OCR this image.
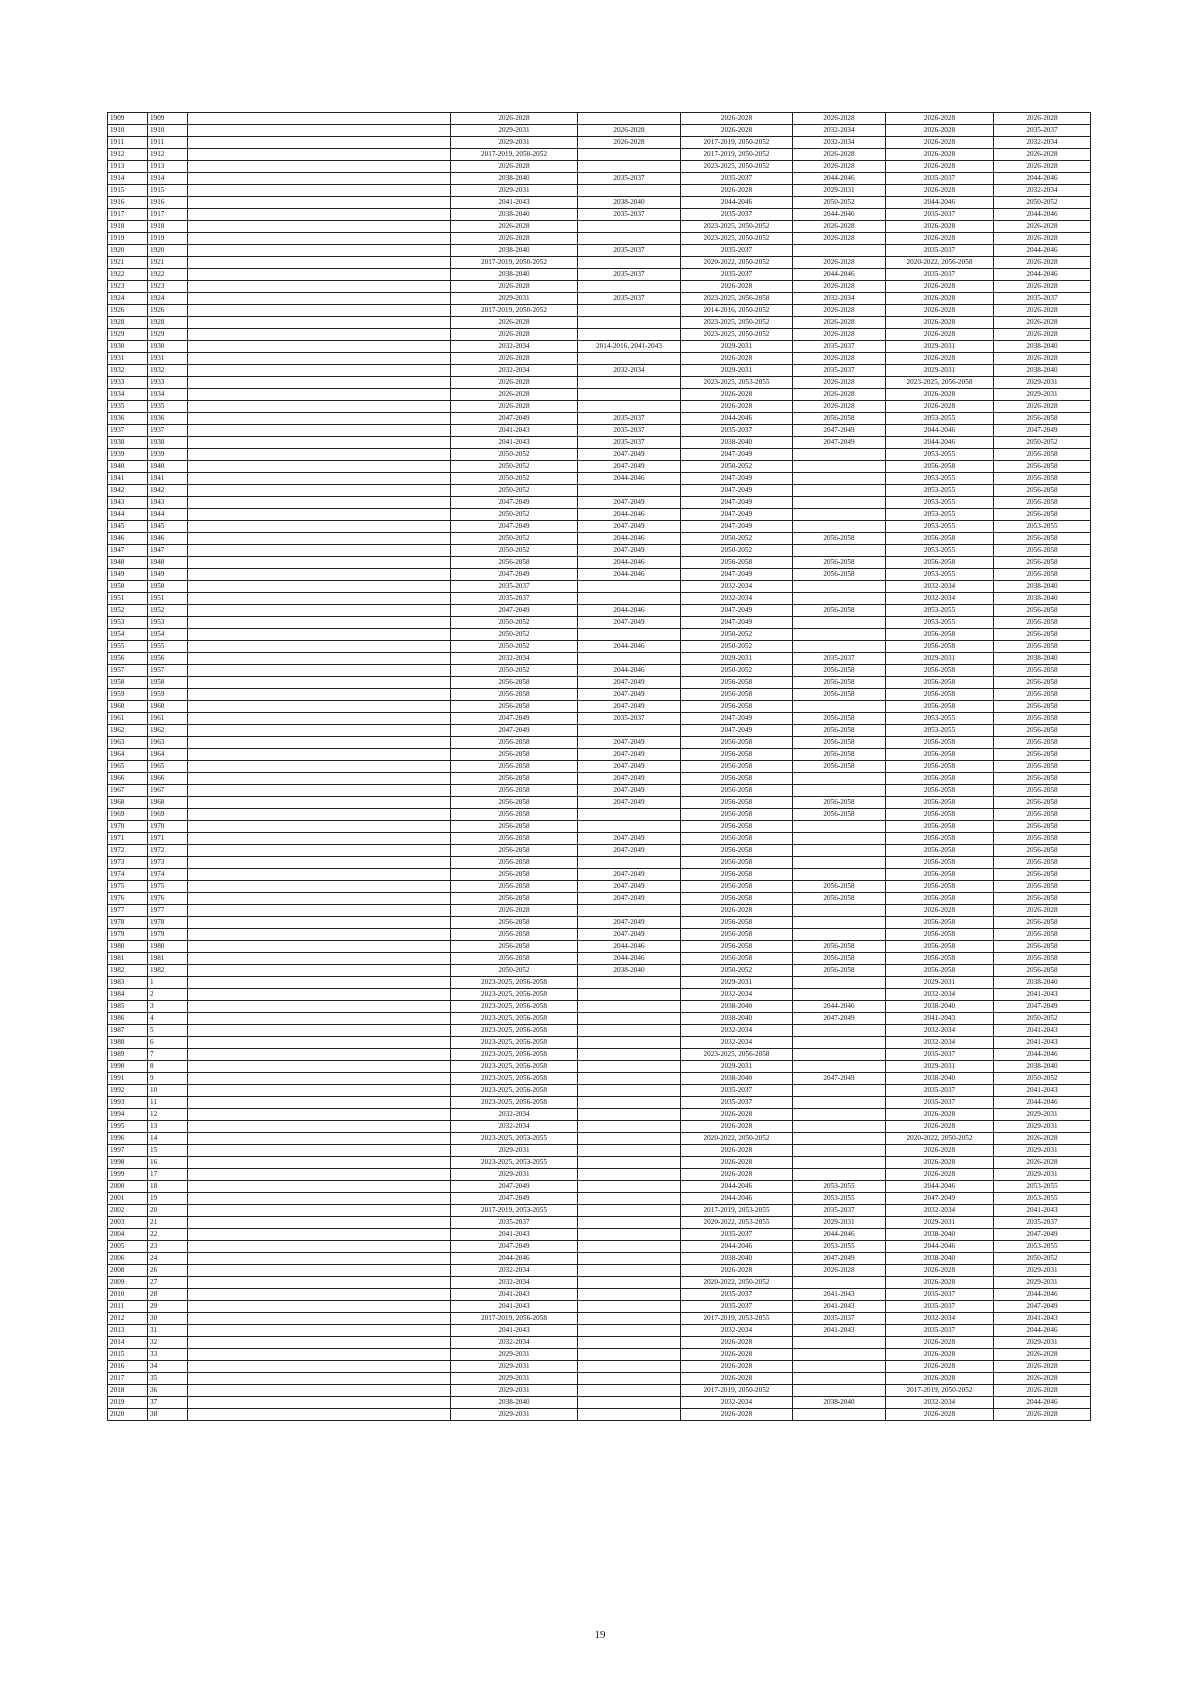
1909	1909		2026-2028		2026-2028	2026-2028	2026-2028	2026-2028
1910	1910		2029-2031	2026-2028	2026-2028	2032-2034	2026-2028	2035-2037
1911	1911		2029-2031	2026-2028	2017-2019, 2050-2052	2032-2034	2026-2028	2032-2034
1912	1912		2017-2019, 2050-2052		2017-2019, 2050-2052	2026-2028	2026-2028	2026-2028
1913	1913		2026-2028		2023-2025, 2050-2052	2026-2028	2026-2028	2026-2028
1914	1914		2038-2040	2035-2037	2035-2037	2044-2046	2035-2037	2044-2046
1915	1915		2029-2031		2026-2028	2029-2031	2026-2028	2032-2034
1916	1916		2041-2043	2038-2040	2044-2046	2050-2052	2044-2046	2050-2052
1917	1917		2038-2040	2035-2037	2035-2037	2044-2046	2035-2037	2044-2046
1918	1918		2026-2028		2023-2025, 2050-2052	2026-2028	2026-2028	2026-2028
1919	1919		2026-2028		2023-2025, 2050-2052	2026-2028	2026-2028	2026-2028
1920	1920		2038-2040	2035-2037	2035-2037		2035-2037	2044-2046
1921	1921		2017-2019, 2050-2052		2020-2022, 2050-2052	2026-2028	2020-2022, 2056-2058	2026-2028
1922	1922		2038-2040	2035-2037	2035-2037	2044-2046	2035-2037	2044-2046
1923	1923		2026-2028		2026-2028	2026-2028	2026-2028	2026-2028
1924	1924		2029-2031	2035-2037	2023-2025, 2056-2058	2032-2034	2026-2028	2035-2037
1926	1926		2017-2019, 2050-2052		2014-2016, 2050-2052	2026-2028	2026-2028	2026-2028
1928	1928		2026-2028		2023-2025, 2050-2052	2026-2028	2026-2028	2026-2028
1929	1929		2026-2028		2023-2025, 2050-2052	2026-2028	2026-2028	2026-2028
1930	1930		2032-2034	2014-2016, 2041-2043	2029-2031	2035-2037	2029-2031	2038-2040
1931	1931		2026-2028		2026-2028	2026-2028	2026-2028	2026-2028
1932	1932		2032-2034	2032-2034	2029-2031	2035-2037	2029-2031	2038-2040
1933	1933		2026-2028		2023-2025, 2053-2055	2026-2028	2023-2025, 2056-2058	2029-2031
1934	1934		2026-2028		2026-2028	2026-2028	2026-2028	2029-2031
1935	1935		2026-2028		2026-2028	2026-2028	2026-2028	2026-2028
1936	1936		2047-2049	2035-2037	2044-2046	2056-2058	2053-2055	2056-2058
1937	1937		2041-2043	2035-2037	2035-2037	2047-2049	2044-2046	2047-2049
1938	1938		2041-2043	2035-2037	2038-2040	2047-2049	2044-2046	2050-2052
1939	1939		2050-2052	2047-2049	2047-2049		2053-2055	2056-2058
1940	1940		2050-2052	2047-2049	2050-2052		2056-2058	2056-2058
1941	1941		2050-2052	2044-2046	2047-2049		2053-2055	2056-2058
1942	1942		2050-2052		2047-2049		2053-2055	2056-2058
1943	1943		2047-2049	2047-2049	2047-2049		2053-2055	2056-2058
1944	1944		2050-2052	2044-2046	2047-2049		2053-2055	2056-2058
1945	1945		2047-2049	2047-2049	2047-2049		2053-2055	2053-2055
1946	1946		2050-2052	2044-2046	2050-2052	2056-2058	2056-2058	2056-2058
1947	1947		2050-2052	2047-2049	2050-2052		2053-2055	2056-2058
1948	1948		2056-2058	2044-2046	2056-2058	2056-2058	2056-2058	2056-2058
1949	1949		2047-2049	2044-2046	2047-2049	2056-2058	2053-2055	2056-2058
1950	1950		2035-2037		2032-2034		2032-2034	2038-2040
1951	1951		2035-2037		2032-2034		2032-2034	2038-2040
1952	1952		2047-2049	2044-2046	2047-2049	2056-2058	2053-2055	2056-2058
1953	1953		2050-2052	2047-2049	2047-2049		2053-2055	2056-2058
1954	1954		2050-2052		2050-2052		2056-2058	2056-2058
1955	1955		2050-2052	2044-2046	2050-2052		2056-2058	2056-2058
1956	1956		2032-2034		2029-2031	2035-2037	2029-2031	2038-2040
1957	1957		2050-2052	2044-2046	2050-2052	2056-2058	2056-2058	2056-2058
1958	1958		2056-2058	2047-2049	2056-2058	2056-2058	2056-2058	2056-2058
1959	1959		2056-2058	2047-2049	2056-2058	2056-2058	2056-2058	2056-2058
1960	1960		2056-2058	2047-2049	2056-2058		2056-2058	2056-2058
1961	1961		2047-2049	2035-2037	2047-2049	2056-2058	2053-2055	2056-2058
1962	1962		2047-2049		2047-2049	2056-2058	2053-2055	2056-2058
1963	1963		2056-2058	2047-2049	2056-2058	2056-2058	2056-2058	2056-2058
1964	1964		2056-2058	2047-2049	2056-2058	2056-2058	2056-2058	2056-2058
1965	1965		2056-2058	2047-2049	2056-2058	2056-2058	2056-2058	2056-2058
1966	1966		2056-2058	2047-2049	2056-2058		2056-2058	2056-2058
1967	1967		2056-2058	2047-2049	2056-2058		2056-2058	2056-2058
1968	1968		2056-2058	2047-2049	2056-2058	2056-2058	2056-2058	2056-2058
1969	1969		2056-2058		2056-2058	2056-2058	2056-2058	2056-2058
1970	1970		2056-2058		2056-2058		2056-2058	2056-2058
1971	1971		2056-2058	2047-2049	2056-2058		2056-2058	2056-2058
1972	1972		2056-2058	2047-2049	2056-2058		2056-2058	2056-2058
1973	1973		2056-2058		2056-2058		2056-2058	2056-2058
1974	1974		2056-2058	2047-2049	2056-2058		2056-2058	2056-2058
1975	1975		2056-2058	2047-2049	2056-2058	2056-2058	2056-2058	2056-2058
1976	1976		2056-2058	2047-2049	2056-2058	2056-2058	2056-2058	2056-2058
1977	1977		2026-2028		2026-2028		2026-2028	2026-2028
1978	1978		2056-2058	2047-2049	2056-2058		2056-2058	2056-2058
1979	1979		2056-2058	2047-2049	2056-2058		2056-2058	2056-2058
1980	1980		2056-2058	2044-2046	2056-2058	2056-2058	2056-2058	2056-2058
1981	1981		2056-2058	2044-2046	2056-2058	2056-2058	2056-2058	2056-2058
1982	1982		2050-2052	2038-2040	2050-2052	2056-2058	2056-2058	2056-2058
1983	1		2023-2025, 2056-2058		2029-2031		2029-2031	2038-2040
1984	2		2023-2025, 2056-2058		2032-2034		2032-2034	2041-2043
1985	3		2023-2025, 2056-2058		2038-2040	2044-2046	2038-2040	2047-2049
1986	4		2023-2025, 2056-2058		2038-2040	2047-2049	2041-2043	2050-2052
1987	5		2023-2025, 2056-2058		2032-2034		2032-2034	2041-2043
1988	6		2023-2025, 2056-2058		2032-2034		2032-2034	2041-2043
1989	7		2023-2025, 2056-2058		2023-2025, 2056-2058		2035-2037	2044-2046
1990	8		2023-2025, 2056-2058		2029-2031		2029-2031	2038-2040
1991	9		2023-2025, 2056-2058		2038-2040	2047-2049	2038-2040	2050-2052
1992	10		2023-2025, 2056-2058		2035-2037		2035-2037	2041-2043
1993	11		2023-2025, 2056-2058		2035-2037		2035-2037	2044-2046
1994	12		2032-2034		2026-2028		2026-2028	2029-2031
1995	13		2032-2034		2026-2028		2026-2028	2029-2031
1996	14		2023-2025, 2053-2055		2020-2022, 2050-2052		2020-2022, 2050-2052	2026-2028
1997	15		2029-2031		2026-2028		2026-2028	2029-2031
1998	16		2023-2025, 2053-2055		2026-2028		2026-2028	2026-2028
1999	17		2029-2031		2026-2028		2026-2028	2029-2031
2000	18		2047-2049		2044-2046	2053-2055	2044-2046	2053-2055
2001	19		2047-2049		2044-2046	2053-2055	2047-2049	2053-2055
2002	20		2017-2019, 2053-2055		2017-2019, 2053-2055	2035-2037	2032-2034	2041-2043
2003	21		2035-2037		2020-2022, 2053-2055	2029-2031	2029-2031	2035-2037
2004	22		2041-2043		2035-2037	2044-2046	2038-2040	2047-2049
2005	23		2047-2049		2044-2046	2053-2055	2044-2046	2053-2055
2006	24		2044-2046		2038-2040	2047-2049	2038-2040	2050-2052
2008	26		2032-2034		2026-2028	2026-2028	2026-2028	2029-2031
2009	27		2032-2034		2020-2022, 2050-2052		2026-2028	2029-2031
2010	28		2041-2043		2035-2037	2041-2043	2035-2037	2044-2046
2011	29		2041-2043		2035-2037	2041-2043	2035-2037	2047-2049
2012	30		2017-2019, 2056-2058		2017-2019, 2053-2055	2035-2037	2032-2034	2041-2043
2013	31		2041-2043		2032-2034	2041-2043	2035-2037	2044-2046
2014	32		2032-2034		2026-2028		2026-2028	2029-2031
2015	33		2029-2031		2026-2028		2026-2028	2026-2028
2016	34		2029-2031		2026-2028		2026-2028	2026-2028
2017	35		2029-2031		2026-2028		2026-2028	2026-2028
2018	36		2029-2031		2017-2019, 2050-2052		2017-2019, 2050-2052	2026-2028
2019	37		2038-2040		2032-2034	2038-2040	2032-2034	2044-2046
2020	38		2029-2031		2026-2028		2026-2028	2026-2028
19
